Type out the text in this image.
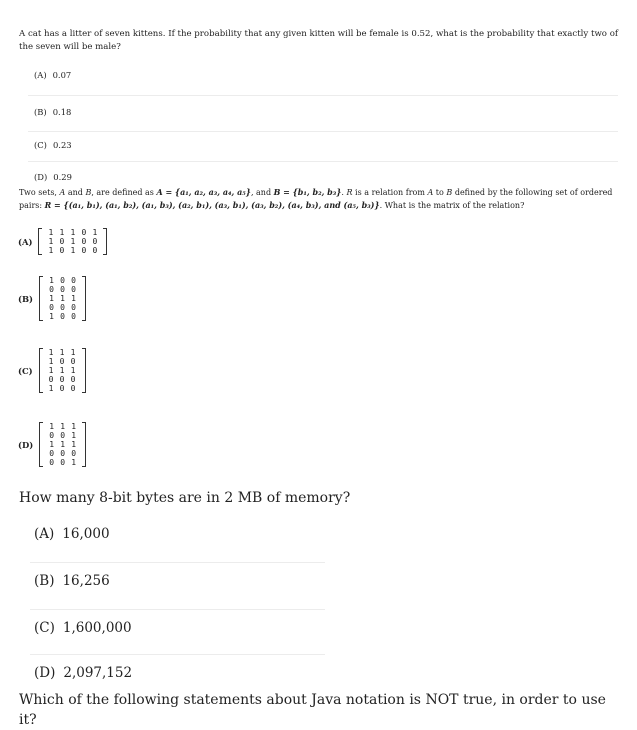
A cat has a litter of seven kittens. If the probability that any given kitten will be female is 0.52, what is the probability that exactly two of the seven will be male?
(A) 0.07
(B) 0.18
(C) 0.23
(D) 0.29
Two sets, A and B, are defined as A = {a₁, a₂, a₃, a₄, a₅}, and B = {b₁, b₂, b₃}. R is a relation from A to B defined by the following set of ordered
pairs: R = {(a₁, b₁), (a₁, b₂), (a₁, b₃), (a₂, b₁), (a₃, b₁), (a₃, b₂), (a₄, b₃), and (a₅, b₃)}. What is the matrix of the relation?
(A)
1 1 1 0 1
1 0 1 0 0
1 0 1 0 0
(B)
1 0 0
0 0 0
1 1 1
0 0 0
1 0 0
(C)
1 1 1
1 0 0
1 1 1
0 0 0
1 0 0
(D)
1 1 1
0 0 1
1 1 1
0 0 0
0 0 1
How many 8-bit bytes are in 2 MB of memory?
(A) 16,000
(B) 16,256
(C) 1,600,000
(D) 2,097,152
Which of the following statements about Java notation is NOT true, in order to use it?
